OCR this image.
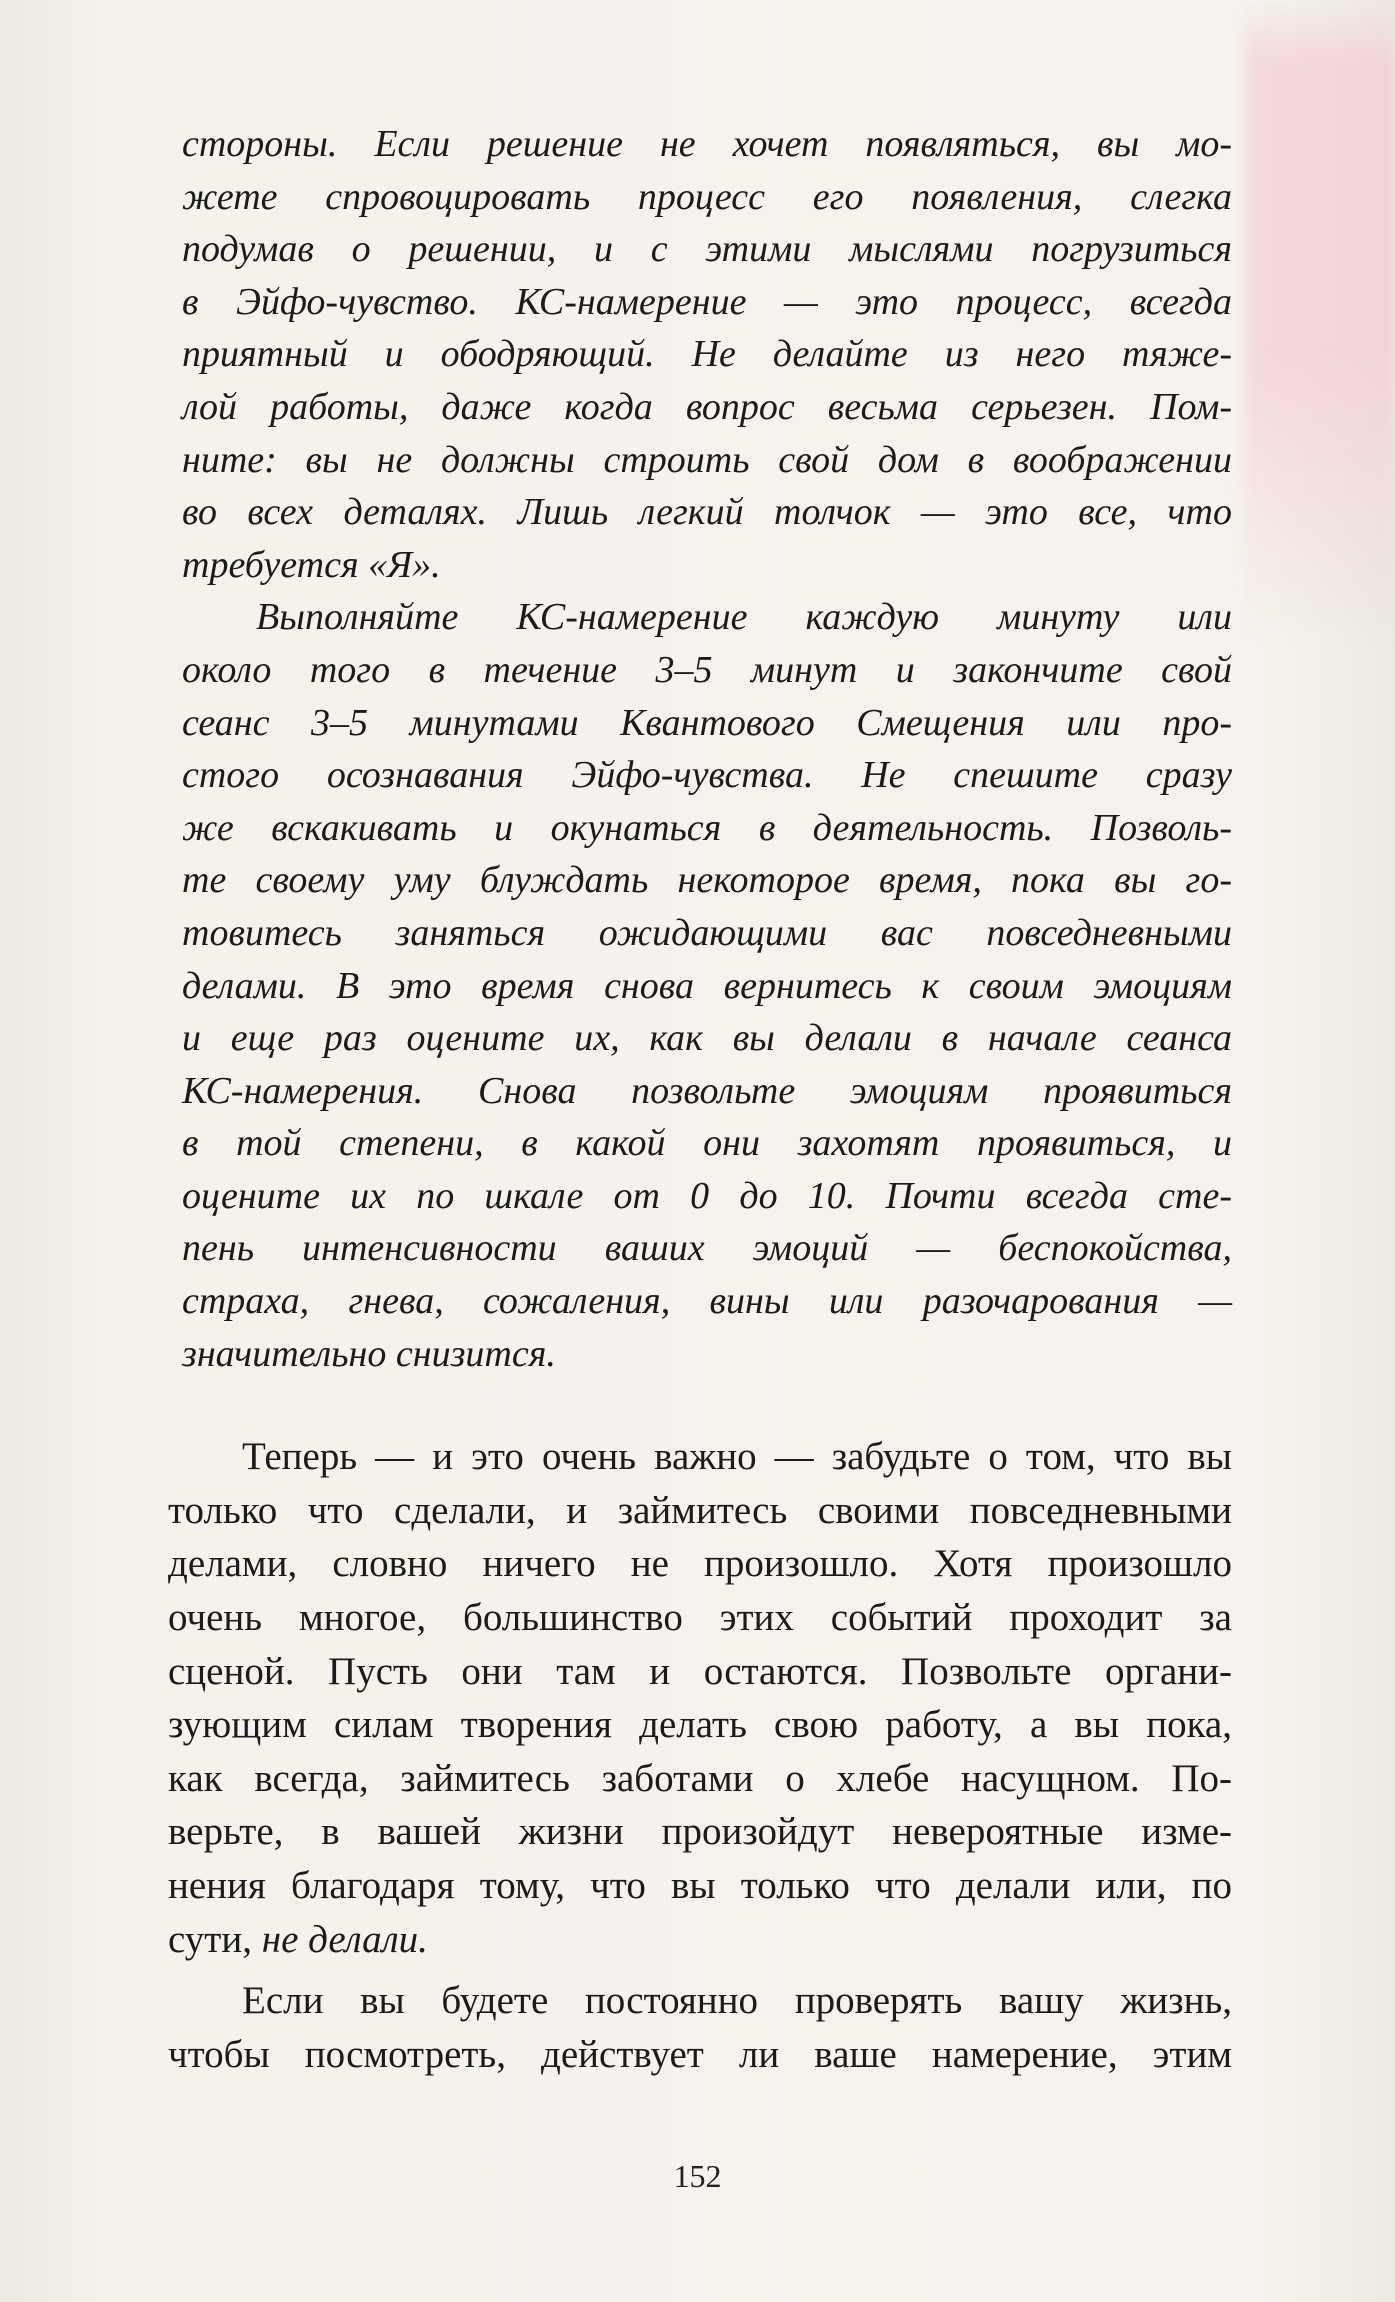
стороны. Если решение не хочет появляться, вы мо-
жете спровоцировать процесс его появления, слегка
подумав о решении, и с этими мыслями погрузиться
в Эйфо-чувство. КС-намерение — это процесс, всегда
приятный и ободряющий. Не делайте из него тяже-
лой работы, даже когда вопрос весьма серьезен. Пом-
ните: вы не должны строить свой дом в воображении
во всех деталях. Лишь легкий толчок — это все, что
требуется «Я».
Выполняйте КС-намерение каждую минуту или
около того в течение 3–5 минут и закончите свой
сеанс 3–5 минутами Квантового Смещения или про-
стого осознавания Эйфо-чувства. Не спешите сразу
же вскакивать и окунаться в деятельность. Позволь-
те своему уму блуждать некоторое время, пока вы го-
товитесь заняться ожидающими вас повседневными
делами. В это время снова вернитесь к своим эмоциям
и еще раз оцените их, как вы делали в начале сеанса
КС-намерения. Снова позвольте эмоциям проявиться
в той степени, в какой они захотят проявиться, и
оцените их по шкале от 0 до 10. Почти всегда сте-
пень интенсивности ваших эмоций — беспокойства,
страха, гнева, сожаления, вины или разочарования —
значительно снизится.
Теперь — и это очень важно — забудьте о том, что вы
только что сделали, и займитесь своими повседневными
делами, словно ничего не произошло. Хотя произошло
очень многое, большинство этих событий проходит за
сценой. Пусть они там и остаются. Позвольте органи-
зующим силам творения делать свою работу, а вы пока,
как всегда, займитесь заботами о хлебе насущном. По-
верьте, в вашей жизни произойдут невероятные изме-
нения благодаря тому, что вы только что делали или, по
сути, не делали.
Если вы будете постоянно проверять вашу жизнь,
чтобы посмотреть, действует ли ваше намерение, этим
152
